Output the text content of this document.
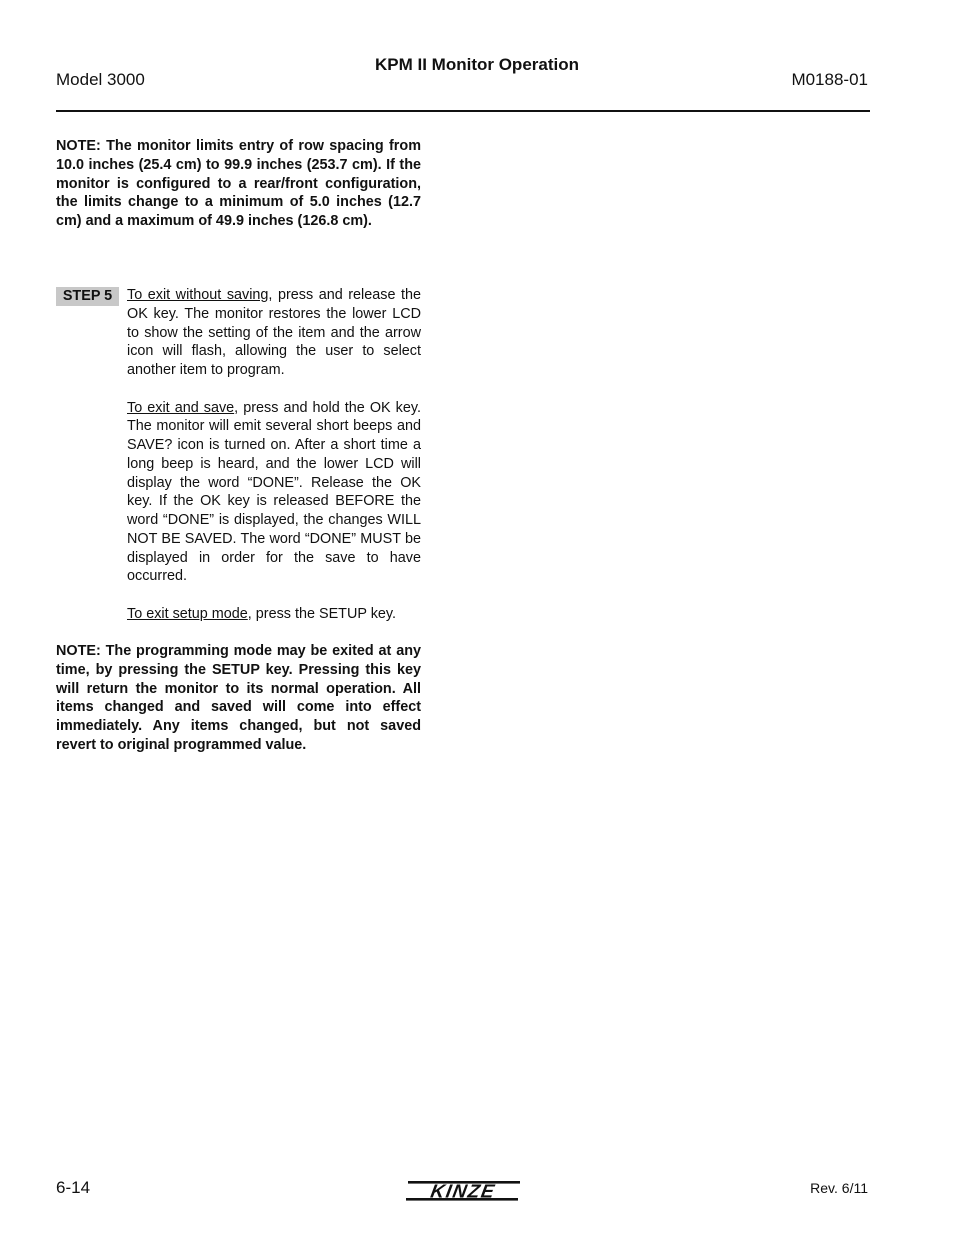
Model 3000
KPM II Monitor Operation
M0188-01

NOTE: The monitor limits entry of row spacing from 10.0 inches (25.4 cm) to 99.9 inches (253.7 cm). If the monitor is configured to a rear/front configuration, the limits change to a minimum of 5.0 inches (12.7 cm) and a maximum of 49.9 inches (126.8 cm).

STEP 5	To exit without saving, press and release the OK key. The monitor restores the lower LCD to show the setting of the item and the arrow icon will flash, allowing the user to select another item to program.

To exit and save, press and hold the OK key. The monitor will emit several short beeps and SAVE? icon is turned on. After a short time a long beep is heard, and the lower LCD will display the word “DONE”. Release the OK key. If the OK key is released BEFORE the word “DONE” is displayed, the changes WILL NOT BE SAVED. The word “DONE” MUST be displayed in order for the save to have occurred.

To exit setup mode, press the SETUP key.

NOTE: The programming mode may be exited at any time, by pressing the SETUP key. Pressing this key will return the monitor to its normal operation. All items changed and saved will come into effect immediately. Any items changed, but not saved revert to original programmed value.

6-14	KINZE	Rev. 6/11
